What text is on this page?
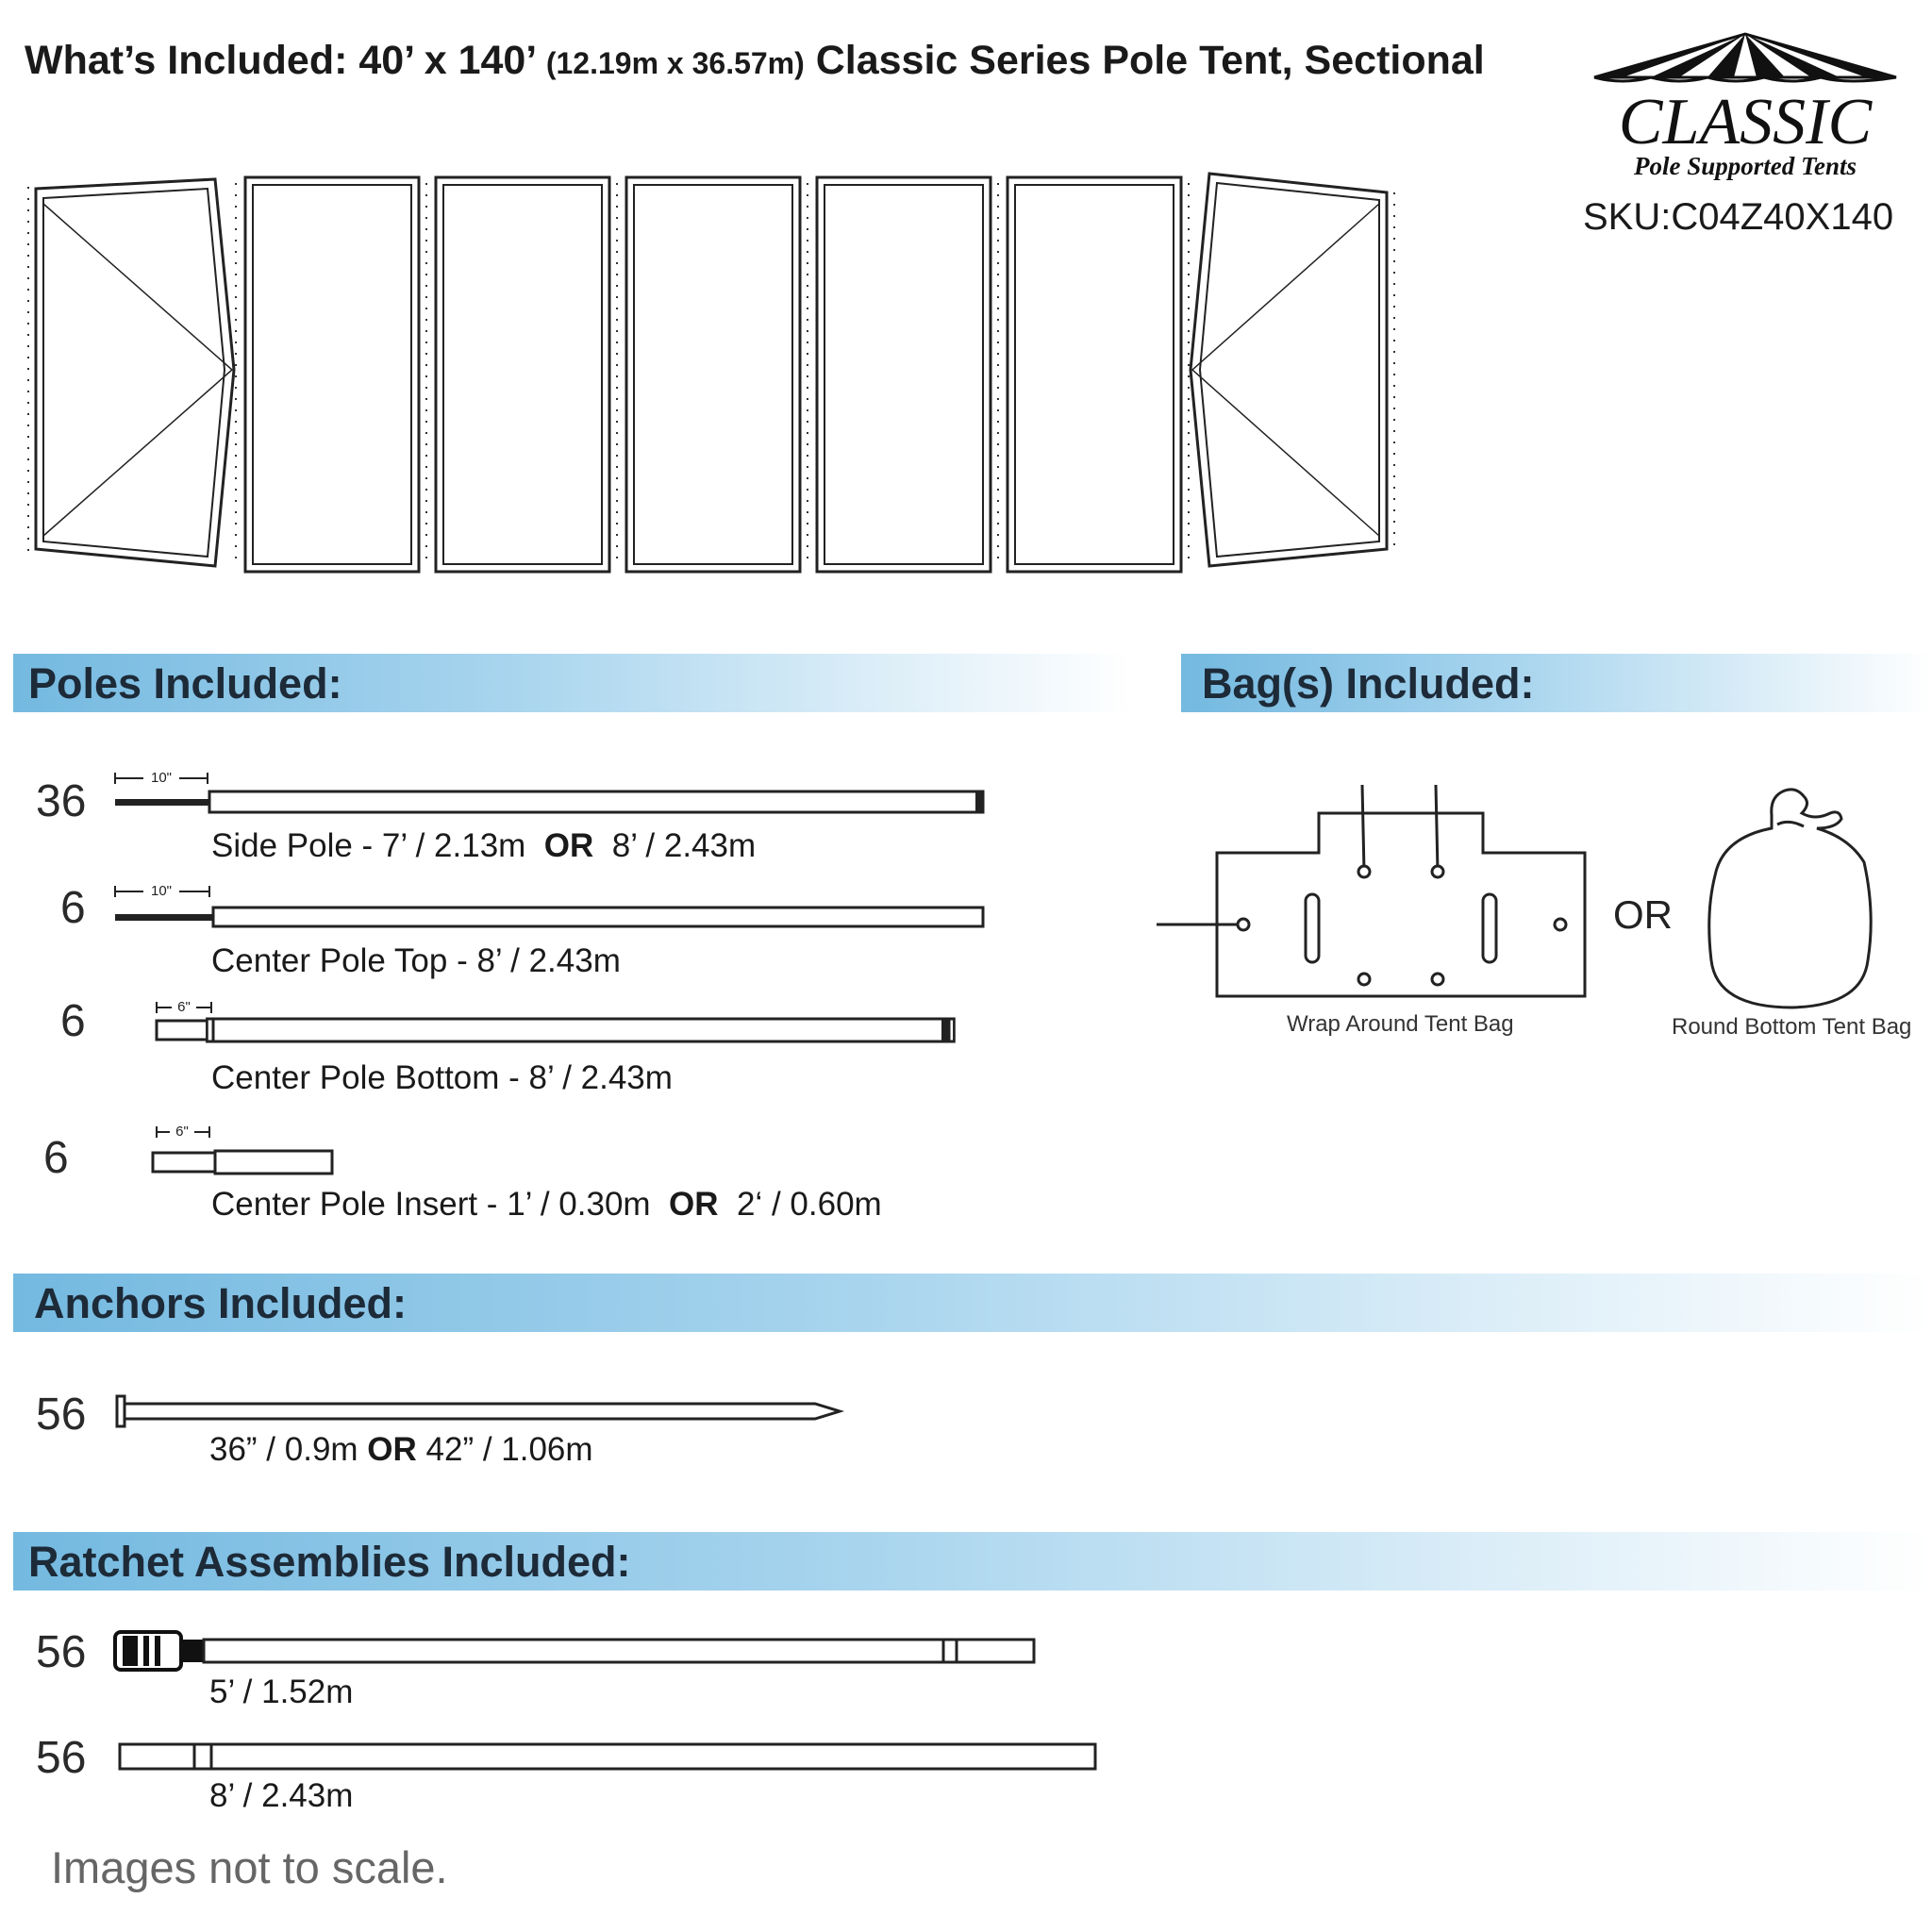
What’s Included: 40’ x 140’ (12.19m x 36.57m) Classic Series Pole Tent, Sectional
CLASSIC
Pole Supported Tents
SKU:C04Z40X140
Poles Included:	Bag(s) Included:
Anchors Included:
Ratchet Assemblies Included:
36	10"
Side Pole - 7’ / 2.13m OR 8’ / 2.43m
6	10"
Center Pole Top - 8’ / 2.43m
6	6"
Center Pole Bottom - 8’ / 2.43m
6
6"
Center Pole Insert - 1’ / 0.30m OR 2‘ / 0.60m
Wrap Around Tent Bag
OR
Round Bottom Tent Bag
56
36” / 0.9m OR 42” / 1.06m
56
5’ / 1.52m
56
8’ / 2.43m
Images not to scale.
